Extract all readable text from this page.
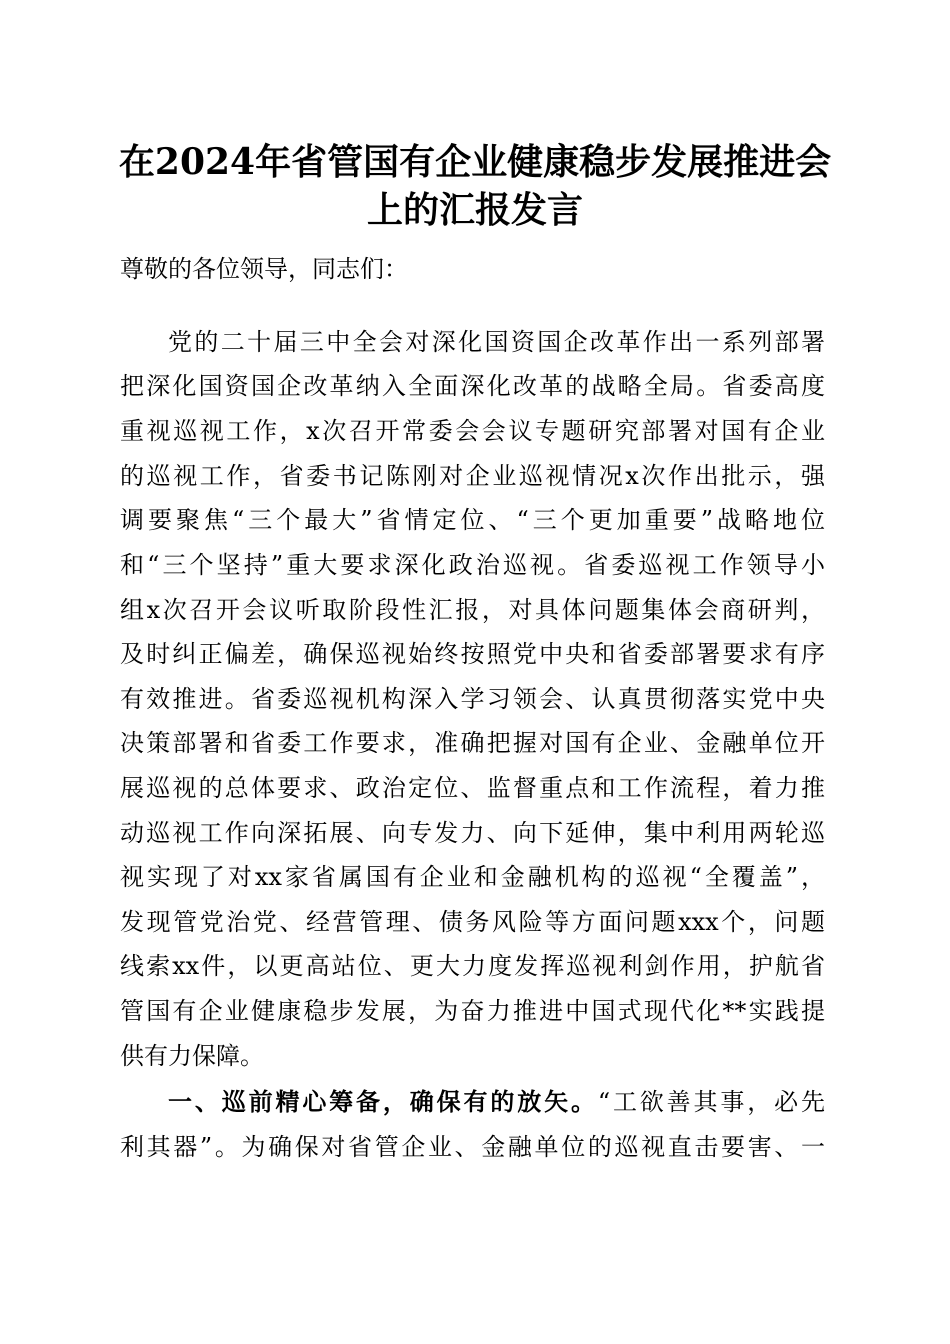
在2024年省管国有企业健康稳步发展推进会
上的汇报发言
尊敬的各位领导，同志们：
党的二十届三中全会对深化国资国企改革作出一系列部署
把深化国资国企改革纳入全面深化改革的战略全局。省委高度
重视巡视工作，x次召开常委会会议专题研究部署对国有企业
的巡视工作，省委书记陈刚对企业巡视情况x次作出批示，强
调要聚焦“三个最大”省情定位、“三个更加重要”战略地位
和“三个坚持”重大要求深化政治巡视。省委巡视工作领导小
组x次召开会议听取阶段性汇报，对具体问题集体会商研判，
及时纠正偏差，确保巡视始终按照党中央和省委部署要求有序
有效推进。省委巡视机构深入学习领会、认真贯彻落实党中央
决策部署和省委工作要求，准确把握对国有企业、金融单位开
展巡视的总体要求、政治定位、监督重点和工作流程，着力推
动巡视工作向深拓展、向专发力、向下延伸，集中利用两轮巡
视实现了对xx家省属国有企业和金融机构的巡视“全覆盖”，
发现管党治党、经营管理、债务风险等方面问题xxx个，问题
线索xx件，以更高站位、更大力度发挥巡视利剑作用，护航省
管国有企业健康稳步发展，为奋力推进中国式现代化**实践提
供有力保障。
一、巡前精心筹备，确保有的放矢。“工欲善其事，必先
利其器”。为确保对省管企业、金融单位的巡视直击要害、一
